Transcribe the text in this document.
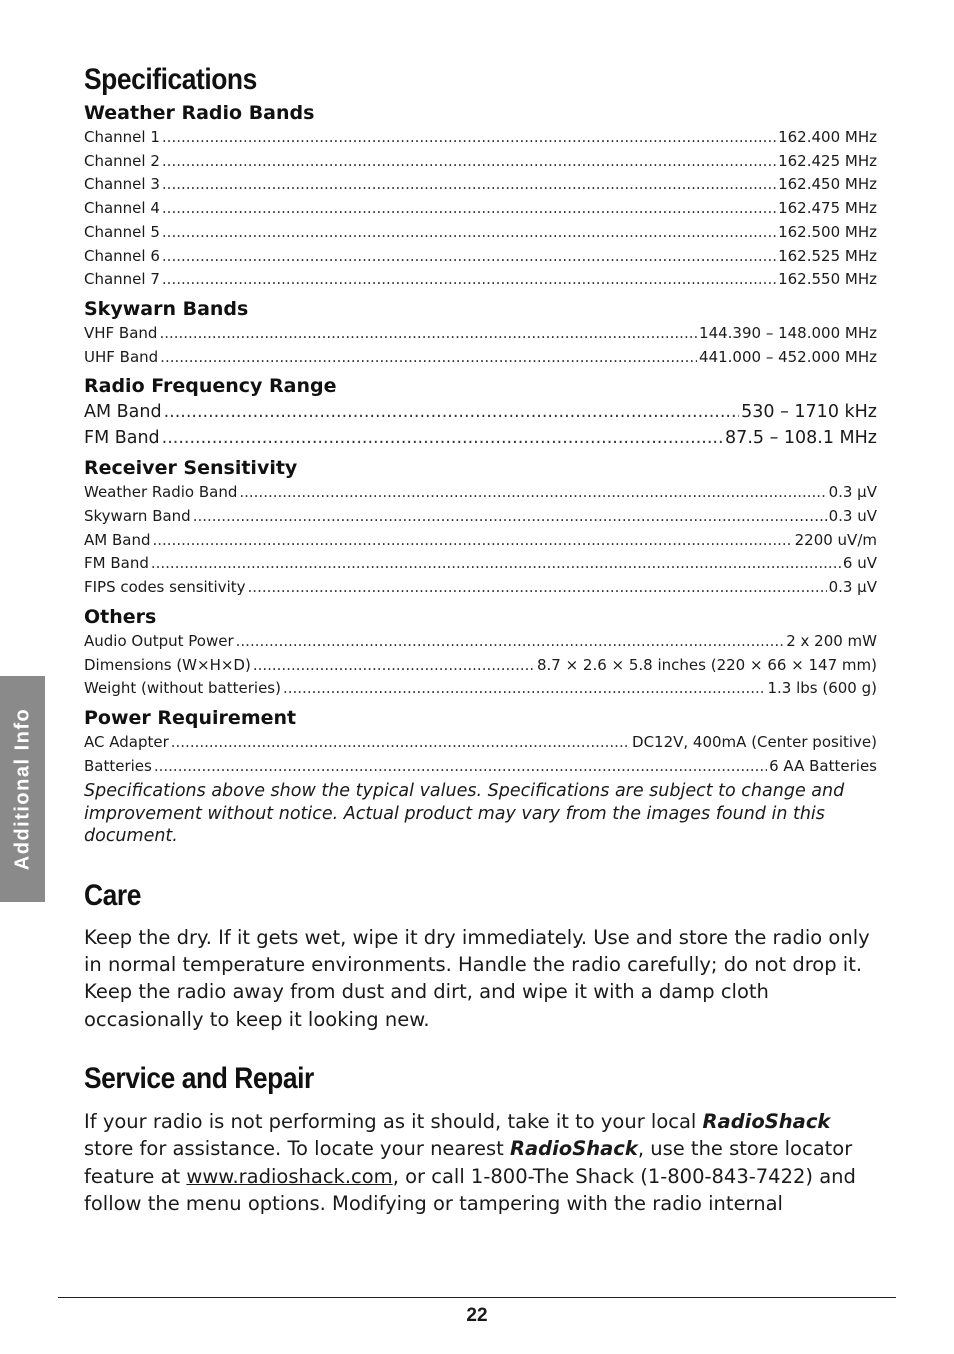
Additional Info
Specifications
Weather Radio Bands
Channel 1 .....	162.400 MHz
Channel 2 .....	162.425 MHz
Channel 3 .....	162.450 MHz
Channel 4 .....	162.475 MHz
Channel 5 .....	162.500 MHz
Channel 6 .....	162.525 MHz
Channel 7 .....	162.550 MHz
Skywarn Bands
VHF Band .....	144.390 – 148.000 MHz
UHF Band .....	441.000 – 452.000 MHz
Radio Frequency Range
AM Band .....	530 – 1710 kHz
FM Band .....	87.5 – 108.1 MHz
Receiver Sensitivity
Weather Radio Band .....	0.3 µV
Skywarn Band .....	……..0.3 uV
AM Band .....	2200 uV/m
FM Band .....	6 uV
FIPS codes sensitivity .....	0.3 µV
Others
Audio Output Power .....	2 x 200 mW
Dimensions (W×H×D) .....	8.7 × 2.6 × 5.8 inches (220 × 66 × 147 mm)
Weight (without batteries) .....	1.3 lbs (600 g)
Power Requirement
AC Adapter .....	DC12V, 400mA (Center positive)
Batteries .....	6 AA Batteries

Specifications above show the typical values. Specifications are subject to change and improvement without notice. Actual product may vary from the images found in this document.

Care

Keep the dry. If it gets wet, wipe it dry immediately. Use and store the radio only in normal temperature environments. Handle the radio carefully; do not drop it. Keep the radio away from dust and dirt, and wipe it with a damp cloth occasionally to keep it looking new.

Service and Repair

If your radio is not performing as it should, take it to your local RadioShack store for assistance. To locate your nearest RadioShack, use the store locator feature at www.radioshack.com, or call 1-800-The Shack (1-800-843-7422) and follow the menu options. Modifying or tampering with the radio internal

22
